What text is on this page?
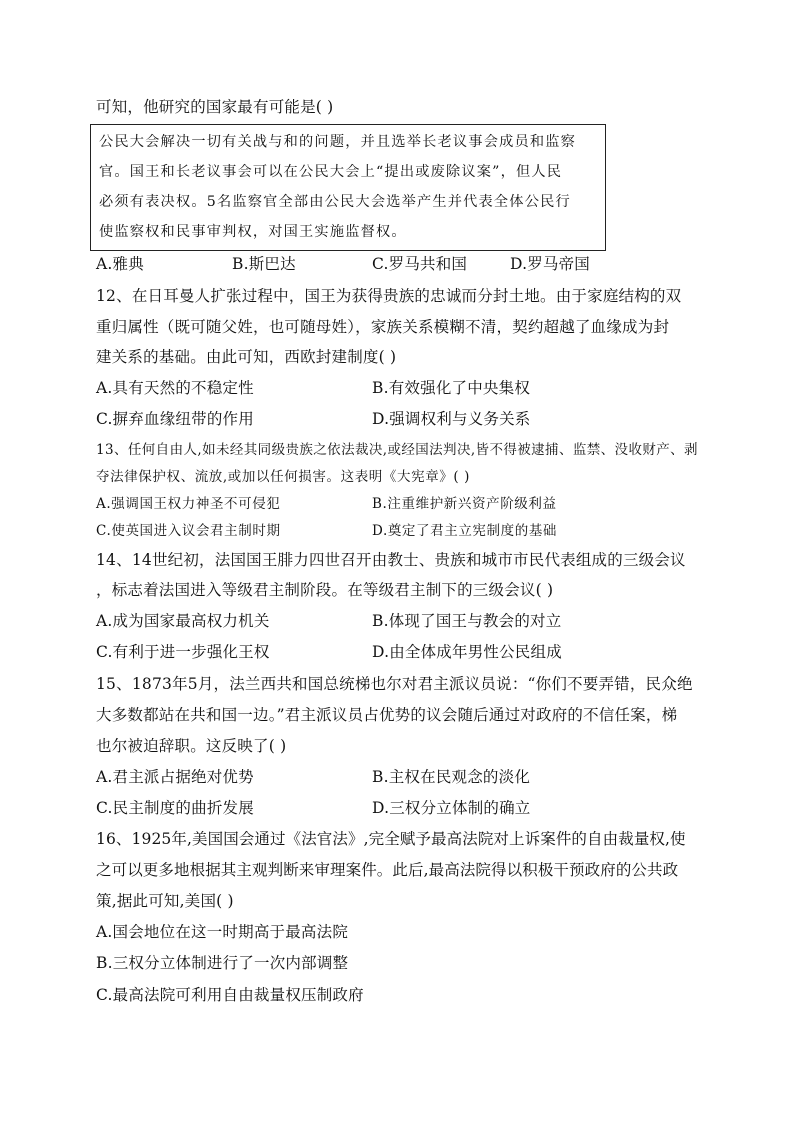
可知，他研究的国家最有可能是( )
公民大会解决一切有关战与和的问题，并且选举长老议事会成员和监察
官。国王和长老议事会可以在公民大会上“提出或废除议案”，但人民
必须有表决权。5名监察官全部由公民大会选举产生并代表全体公民行
使监察权和民事审判权，对国王实施监督权。
A.雅典	B.斯巴达	C.罗马共和国	D.罗马帝国
12、在日耳曼人扩张过程中，国王为获得贵族的忠诚而分封土地。由于家庭结构的双
重归属性（既可随父姓，也可随母姓），家族关系模糊不清，契约超越了血缘成为封
建关系的基础。由此可知，西欧封建制度( )
A.具有天然的不稳定性	B.有效强化了中央集权
C.摒弃血缘纽带的作用	D.强调权利与义务关系
13、任何自由人,如未经其同级贵族之依法裁决,或经国法判决,皆不得被逮捕、监禁、没收财产、剥
夺法律保护权、流放,或加以任何损害。这表明《大宪章》( )
A.强调国王权力神圣不可侵犯	B.注重维护新兴资产阶级利益
C.使英国进入议会君主制时期	D.奠定了君主立宪制度的基础
14、14世纪初，法国国王腓力四世召开由教士、贵族和城市市民代表组成的三级会议
，标志着法国进入等级君主制阶段。在等级君主制下的三级会议( )
A.成为国家最高权力机关	B.体现了国王与教会的对立
C.有利于进一步强化王权	D.由全体成年男性公民组成
15、1873年5月，法兰西共和国总统梯也尔对君主派议员说：“你们不要弄错，民众绝
大多数都站在共和国一边。”君主派议员占优势的议会随后通过对政府的不信任案，梯
也尔被迫辞职。这反映了( )
A.君主派占据绝对优势	B.主权在民观念的淡化
C.民主制度的曲折发展	D.三权分立体制的确立
16、1925年,美国国会通过《法官法》,完全赋予最高法院对上诉案件的自由裁量权,使
之可以更多地根据其主观判断来审理案件。此后,最高法院得以积极干预政府的公共政
策,据此可知,美国( )
A.国会地位在这一时期高于最高法院
B.三权分立体制进行了一次内部调整
C.最高法院可利用自由裁量权压制政府
